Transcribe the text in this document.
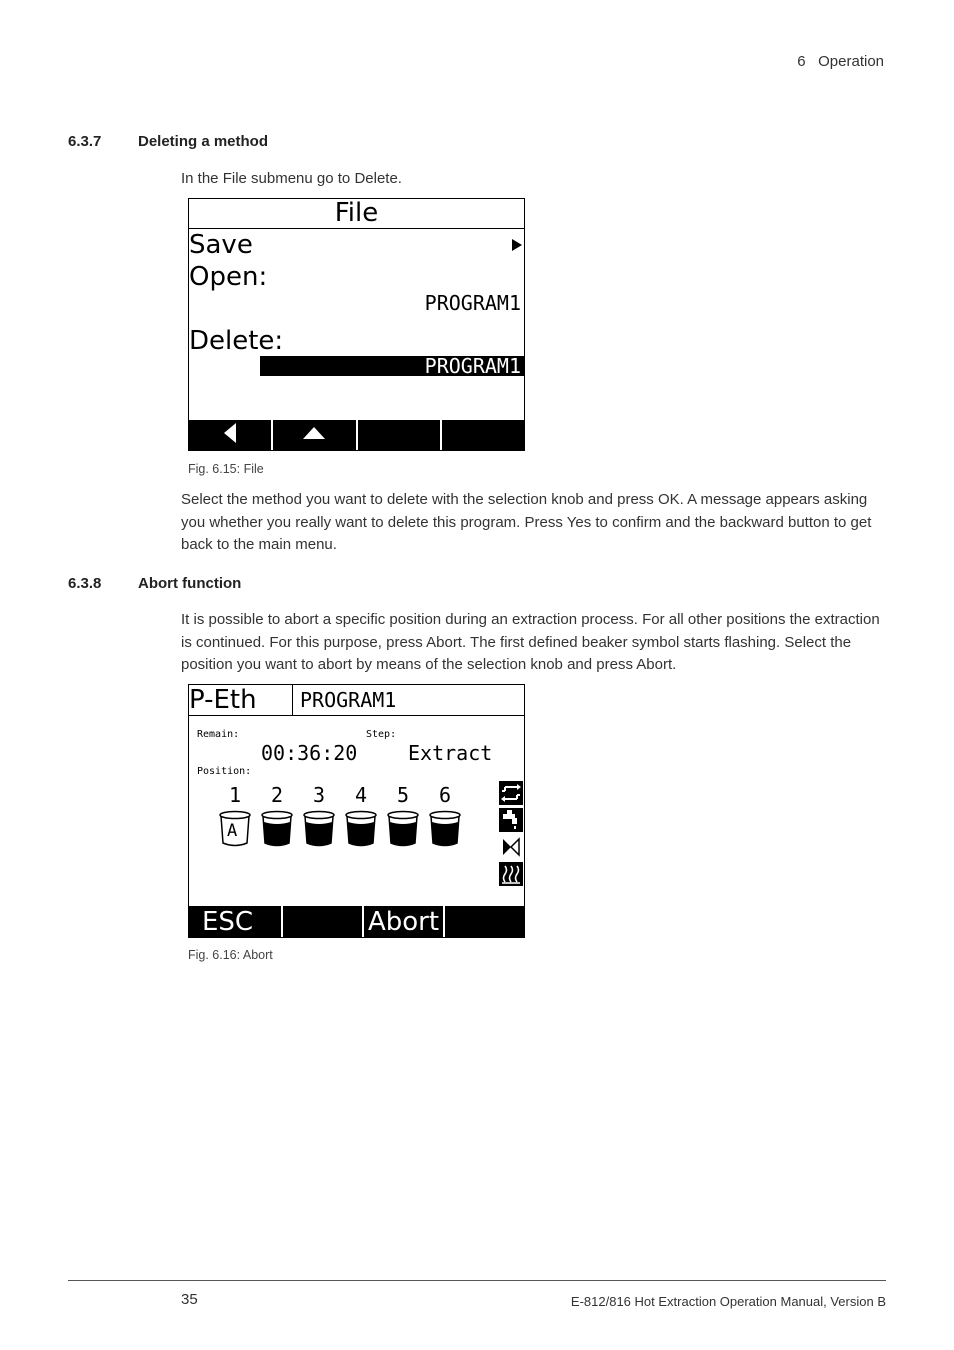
6 Operation
6.3.7 Deleting a method
In the File submenu go to Delete.
File
Save
Open:
PROGRAM1
Delete:
PROGRAM1
Fig. 6.15: File
Select the method you want to delete with the selection knob and press OK. A message appears asking you whether you really want to delete this program. Press Yes to confirm and the backward button to get back to the main menu.
6.3.8 Abort function
It is possible to abort a specific position during an extraction process. For all other positions the extraction is continued. For this purpose, press Abort. The first defined beaker symbol starts flashing. Select the position you want to abort by means of the selection knob and press Abort.
P-Eth PROGRAM1
Remain:	Step:
00:36:20	Extract
Position:
1 2 3 4 5 6
A
ESC	Abort
Fig. 6.16: Abort
35	E-812/816 Hot Extraction Operation Manual, Version B
